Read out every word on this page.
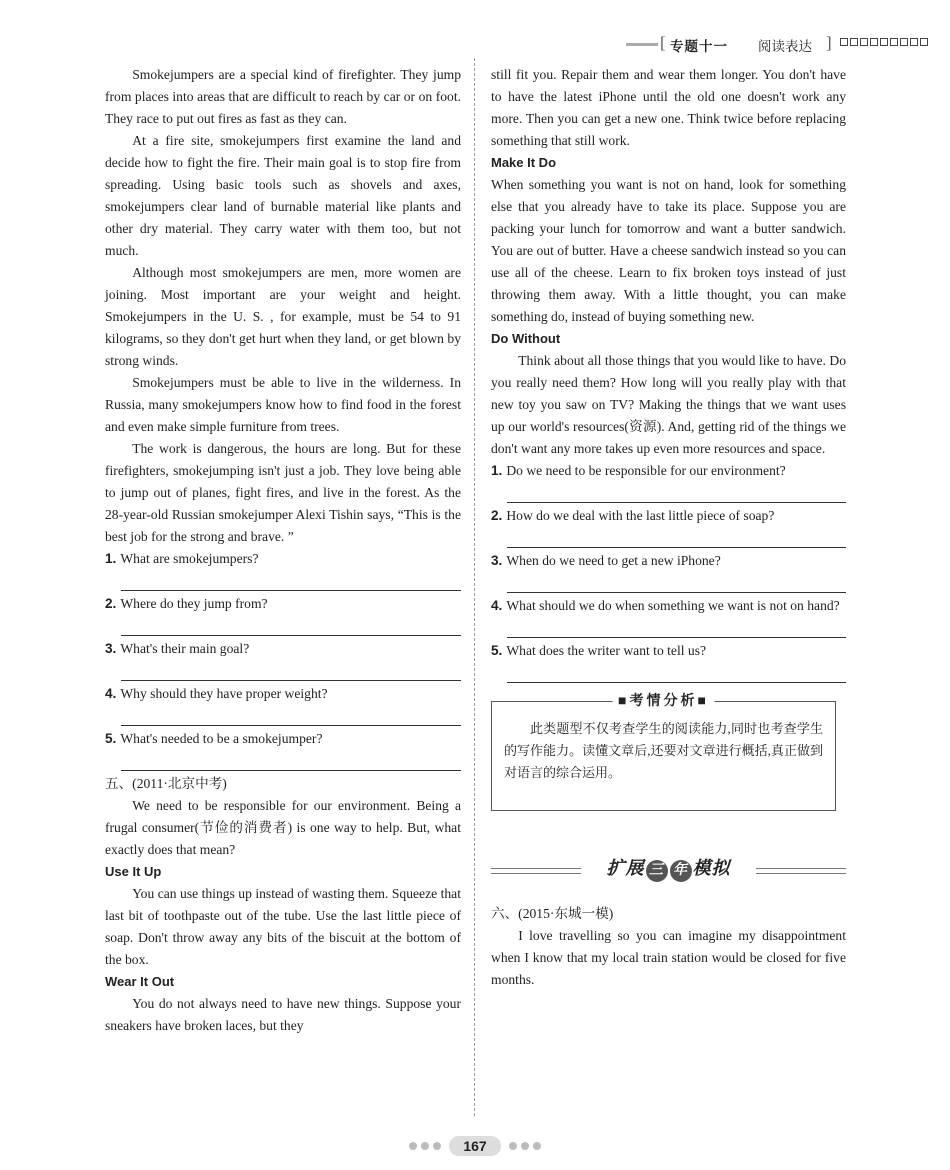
[ 专题十一 阅读表达 ]

Smokejumpers are a special kind of firefighter. They jump from places into areas that are difficult to reach by car or on foot. They race to put out fires as fast as they can.

At a fire site, smokejumpers first examine the land and decide how to fight the fire. Their main goal is to stop fire from spreading. Using basic tools such as shovels and axes, smokejumpers clear land of burnable material like plants and other dry material. They carry water with them too, but not much.

Although most smokejumpers are men, more women are joining. Most important are your weight and height. Smokejumpers in the U. S. , for example, must be 54 to 91 kilograms, so they don't get hurt when they land, or get blown by strong winds.

Smokejumpers must be able to live in the wilderness. In Russia, many smokejumpers know how to find food in the forest and even make simple furniture from trees.

The work is dangerous, the hours are long. But for these firefighters, smokejumping isn't just a job. They love being able to jump out of planes, fight fires, and live in the forest. As the 28-year-old Russian smokejumper Alexi Tishin says, “This is the best job for the strong and brave. ”

1. What are smokejumpers?
2. Where do they jump from?
3. What's their main goal?
4. Why should they have proper weight?
5. What's needed to be a smokejumper?

五、(2011·北京中考)

We need to be responsible for our environment. Being a frugal consumer(节俭的消费者) is one way to help. But, what exactly does that mean?

Use It Up

You can use things up instead of wasting them. Squeeze that last bit of toothpaste out of the tube. Use the last little piece of soap. Don't throw away any bits of the biscuit at the bottom of the box.

Wear It Out

You do not always need to have new things. Suppose your sneakers have broken laces, but they

still fit you. Repair them and wear them longer. You don't have to have the latest iPhone until the old one doesn't work any more. Then you can get a new one. Think twice before replacing something that still work.

Make It Do

When something you want is not on hand, look for something else that you already have to take its place. Suppose you are packing your lunch for tomorrow and want a butter sandwich. You are out of butter. Have a cheese sandwich instead so you can use all of the cheese. Learn to fix broken toys instead of just throwing them away. With a little thought, you can make something do, instead of buying something new.

Do Without

Think about all those things that you would like to have. Do you really need them? How long will you really play with that new toy you saw on TV? Making the things that we want uses up our world's resources(资源). And, getting rid of the things we don't want any more takes up even more resources and space.

1. Do we need to be responsible for our environment?
2. How do we deal with the last little piece of soap?
3. When do we need to get a new iPhone?
4. What should we do when something we want is not on hand?
5. What does the writer want to tell us?
■考情分析■

此类题型不仅考查学生的阅读能力,同时也考查学生的写作能力。读懂文章后,还要对文章进行概括,真正做到对语言的综合运用。

扩展 三 年 模拟

六、(2015·东城一模)

I love travelling so you can imagine my disappointment when I know that my local train station would be closed for five months.

167
